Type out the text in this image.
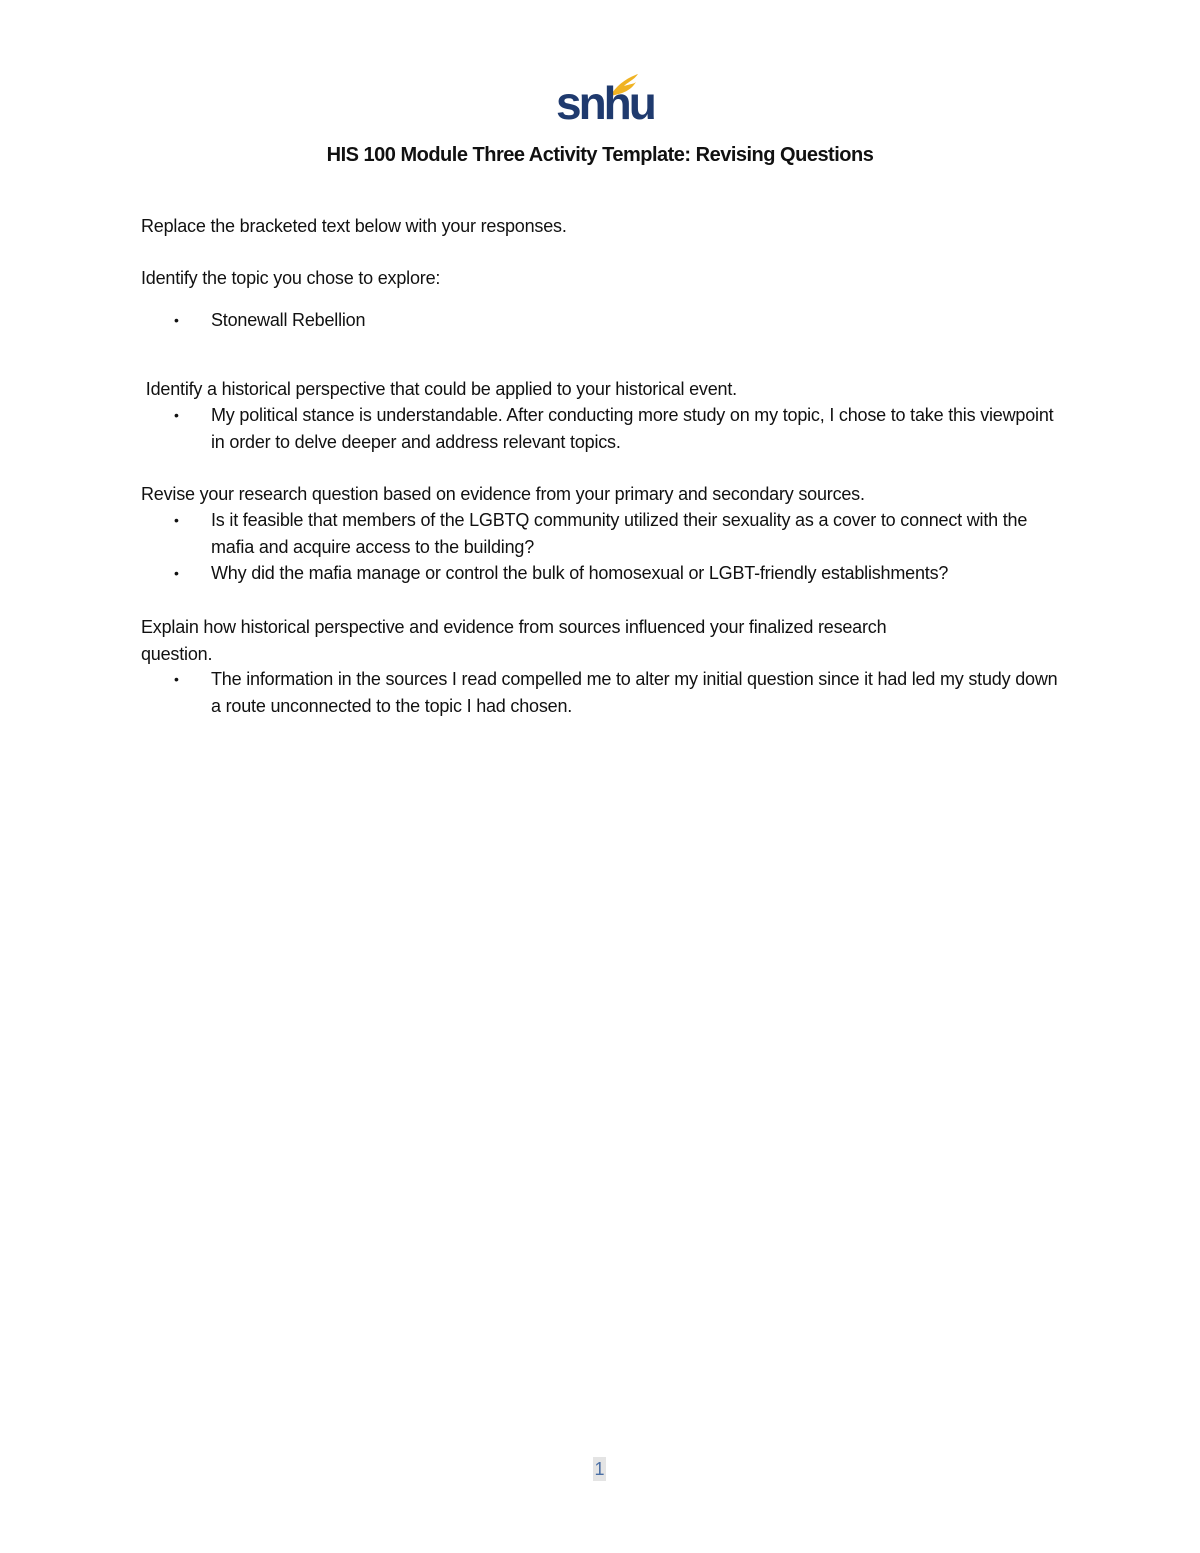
snhu
HIS 100 Module Three Activity Template: Revising Questions
Replace the bracketed text below with your responses.
Identify the topic you chose to explore:
• Stonewall Rebellion
Identify a historical perspective that could be applied to your historical event.
• My political stance is understandable. After conducting more study on my topic, I chose to take this viewpoint in order to delve deeper and address relevant topics.
Revise your research question based on evidence from your primary and secondary sources.
• Is it feasible that members of the LGBTQ community utilized their sexuality as a cover to connect with the mafia and acquire access to the building?
• Why did the mafia manage or control the bulk of homosexual or LGBT-friendly establishments?
Explain how historical perspective and evidence from sources influenced your finalized research
question.
• The information in the sources I read compelled me to alter my initial question since it had led my study down a route unconnected to the topic I had chosen.
1
